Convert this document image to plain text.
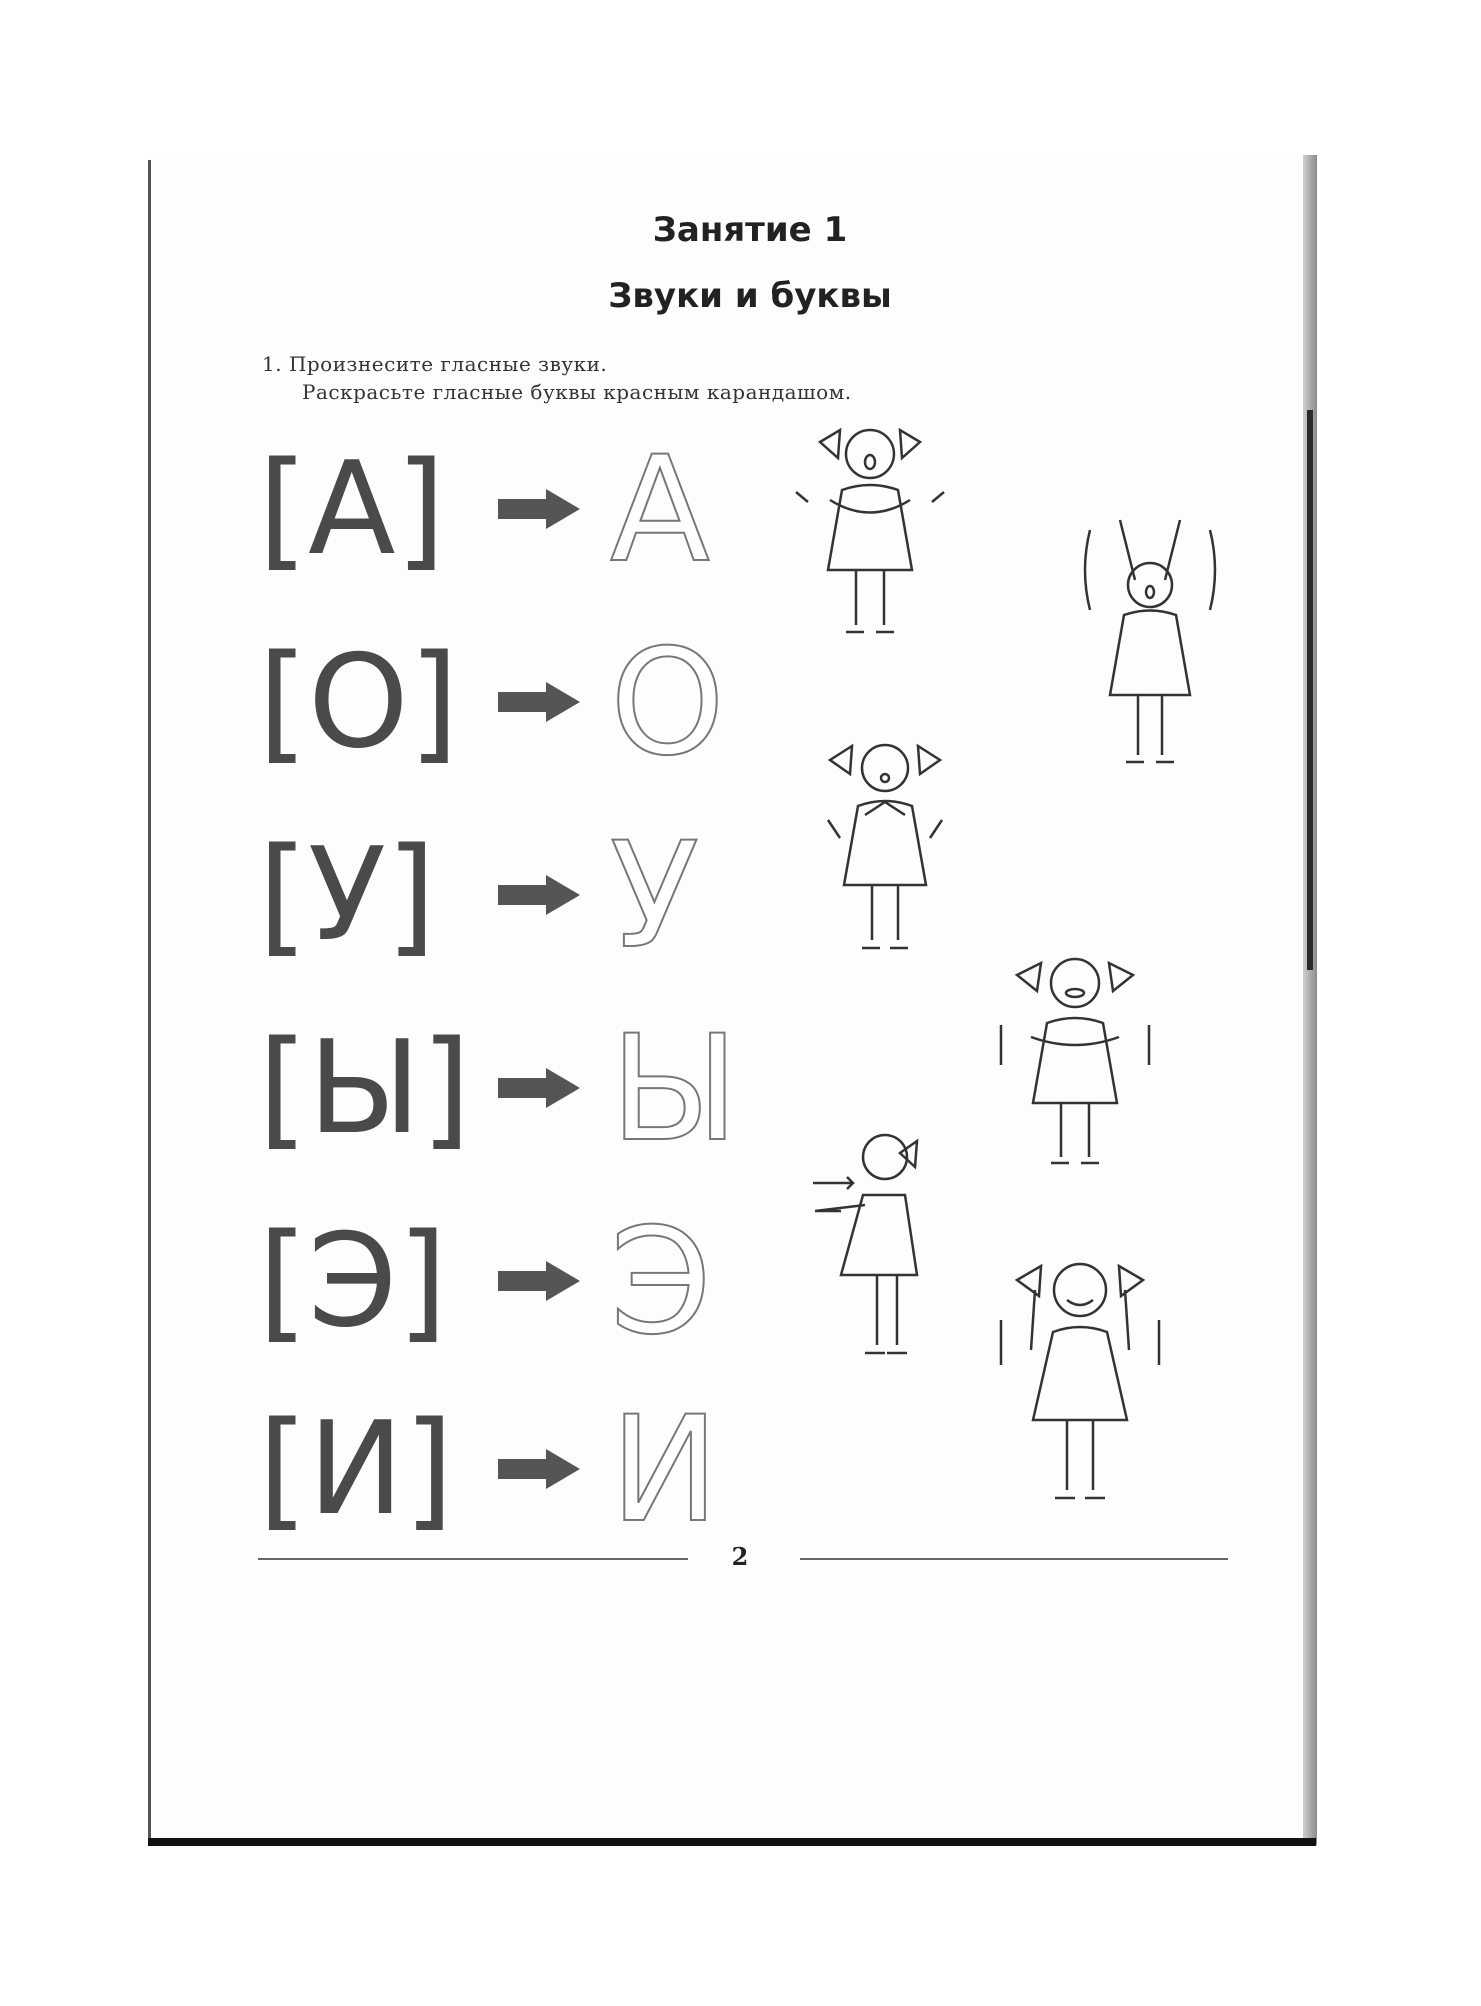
Занятие 1
Звуки и буквы
1. Произнесите гласные звуки.
Раскрасьте гласные буквы красным карандашом.
[А] А
[О] О
[У] У
[Ы] Ы
[Э] Э
[И] И
2
